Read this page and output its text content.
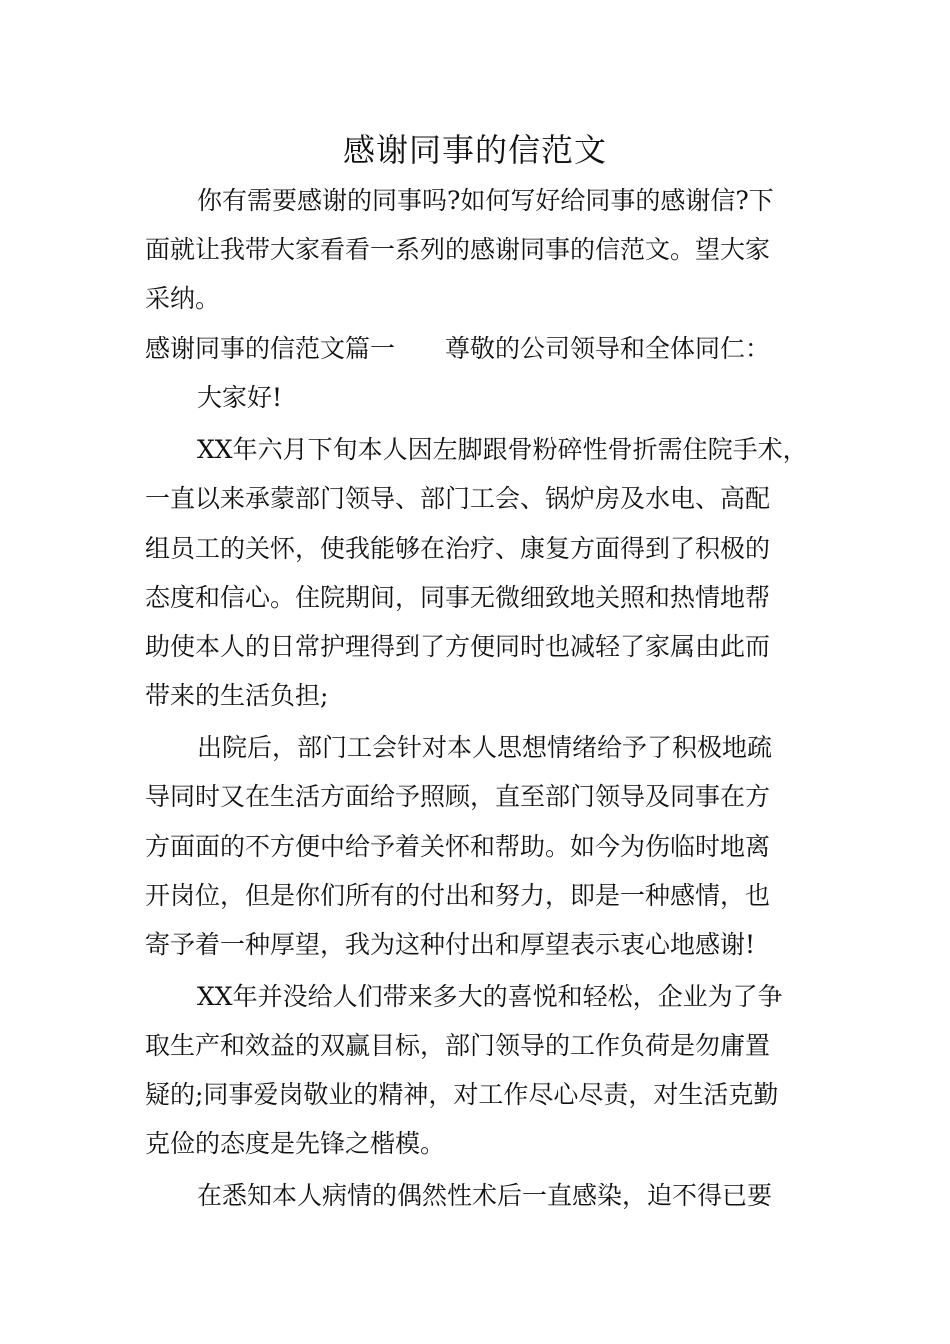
感谢同事的信范文
你有需要感谢的同事吗?如何写好给同事的感谢信?下
面就让我带大家看看一系列的感谢同事的信范文。望大家
采纳。
感谢同事的信范文篇一　　尊敬的公司领导和全体同仁：
大家好!
XX年六月下旬本人因左脚跟骨粉碎性骨折需住院手术，
一直以来承蒙部门领导、部门工会、锅炉房及水电、高配
组员工的关怀，使我能够在治疗、康复方面得到了积极的
态度和信心。住院期间，同事无微细致地关照和热情地帮
助使本人的日常护理得到了方便同时也减轻了家属由此而
带来的生活负担;
出院后，部门工会针对本人思想情绪给予了积极地疏
导同时又在生活方面给予照顾，直至部门领导及同事在方
方面面的不方便中给予着关怀和帮助。如今为伤临时地离
开岗位，但是你们所有的付出和努力，即是一种感情，也
寄予着一种厚望，我为这种付出和厚望表示衷心地感谢!
XX年并没给人们带来多大的喜悦和轻松，企业为了争
取生产和效益的双赢目标，部门领导的工作负荷是勿庸置
疑的;同事爱岗敬业的精神，对工作尽心尽责，对生活克勤
克俭的态度是先锋之楷模。
在悉知本人病情的偶然性术后一直感染，迫不得已要
